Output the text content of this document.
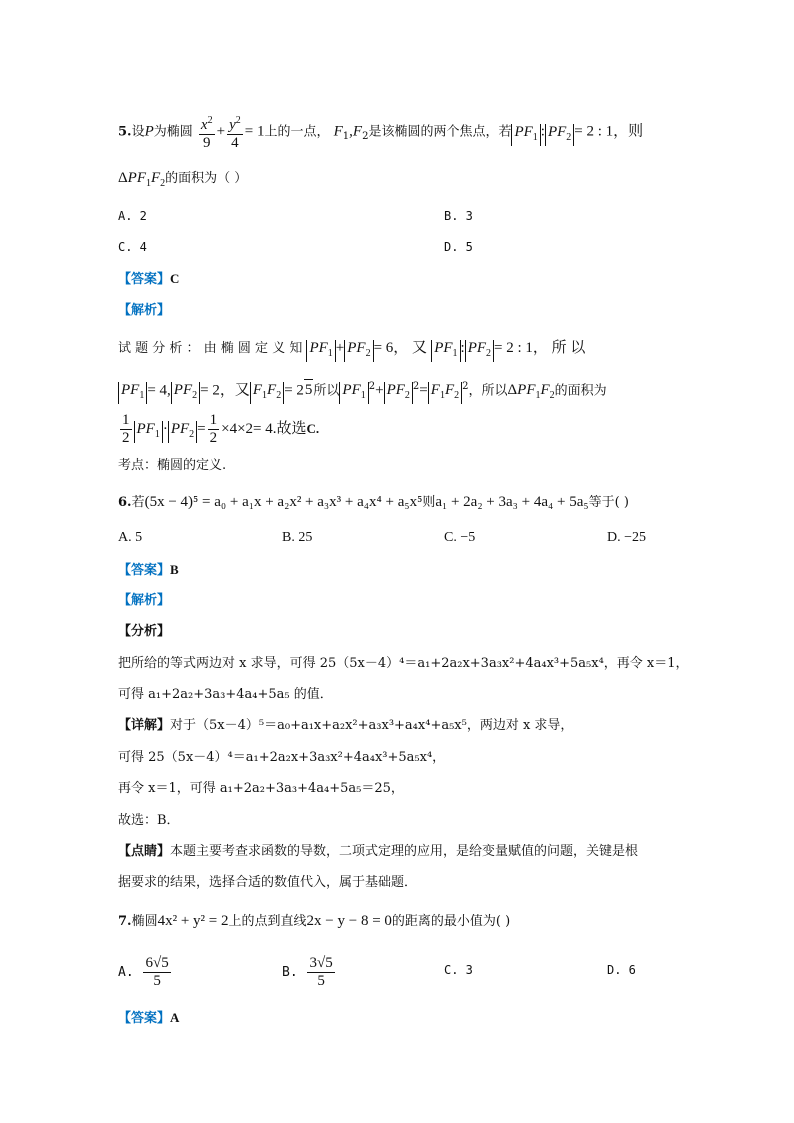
5.设P为椭圆 $\frac{x^2}{9} + \frac{y^2}{4} = 1$上的一点， $F_1,F_2$是该椭圆的两个焦点，若 $PF_1$ : $PF_2 = 2$ : 1，则
$\Delta PF_1F_2$的面积为（ ）
A. 2	B. 3
C. 4	D. 5
【答案】C
【解析】
试 题 分 析 ： 由 椭 圆 定 义 知 $PF_1 + PF_2 = 6$， 又 $PF_1$ : $PF_2 = 2$ : 1， 所 以
$PF_1 = 4$, $PF_2 = 2$，又 $F_1F_2 = 25$所以 $PF_1^2+ PF_2^2= F_1F_2^2$，所以$\Delta PF_1F_2$的面积为
$\frac{1}{2} PF_1 \cdot PF_2 = \frac{1}{2} \times 4\times 2= 4$.故选C.
考点：椭圆的定义.
6.若(5x − 4)⁵ = a₀ + a₁x + a₂x² + a₃x³ + a₄x⁴ + a₅x⁵则a₁ + 2a₂ + 3a₃ + 4a₄ + 5a₅等于( )
A. 5	B. 25	C. −5	D. −25
【答案】B
【解析】
【分析】
把所给的等式两边对 x 求导，可得 25（5x－4）⁴＝a₁+2a₂x+3a₃x²+4a₄x³+5a₅x⁴，再令 x＝1，
可得 a₁+2a₂+3a₃+4a₄+5a₅ 的值．
【详解】对于（5x－4）⁵＝a₀+a₁x+a₂x²+a₃x³+a₄x⁴+a₅x⁵，两边对 x 求导，
可得 25（5x－4）⁴＝a₁+2a₂x+3a₃x²+4a₄x³+5a₅x⁴，
再令 x＝1，可得 a₁+2a₂+3a₃+4a₄+5a₅＝25，
故选：B．
【点睛】本题主要考查求函数的导数，二项式定理的应用，是给变量赋值的问题，关键是根
据要求的结果，选择合适的数值代入，属于基础题．
7.椭圆4x² + y² = 2上的点到直线2x − y − 8 = 0的距离的最小值为( )
A. $\frac{6√5}{5}$	B. $\frac{3√5}{5}$	C. 3	D. 6
【答案】A
